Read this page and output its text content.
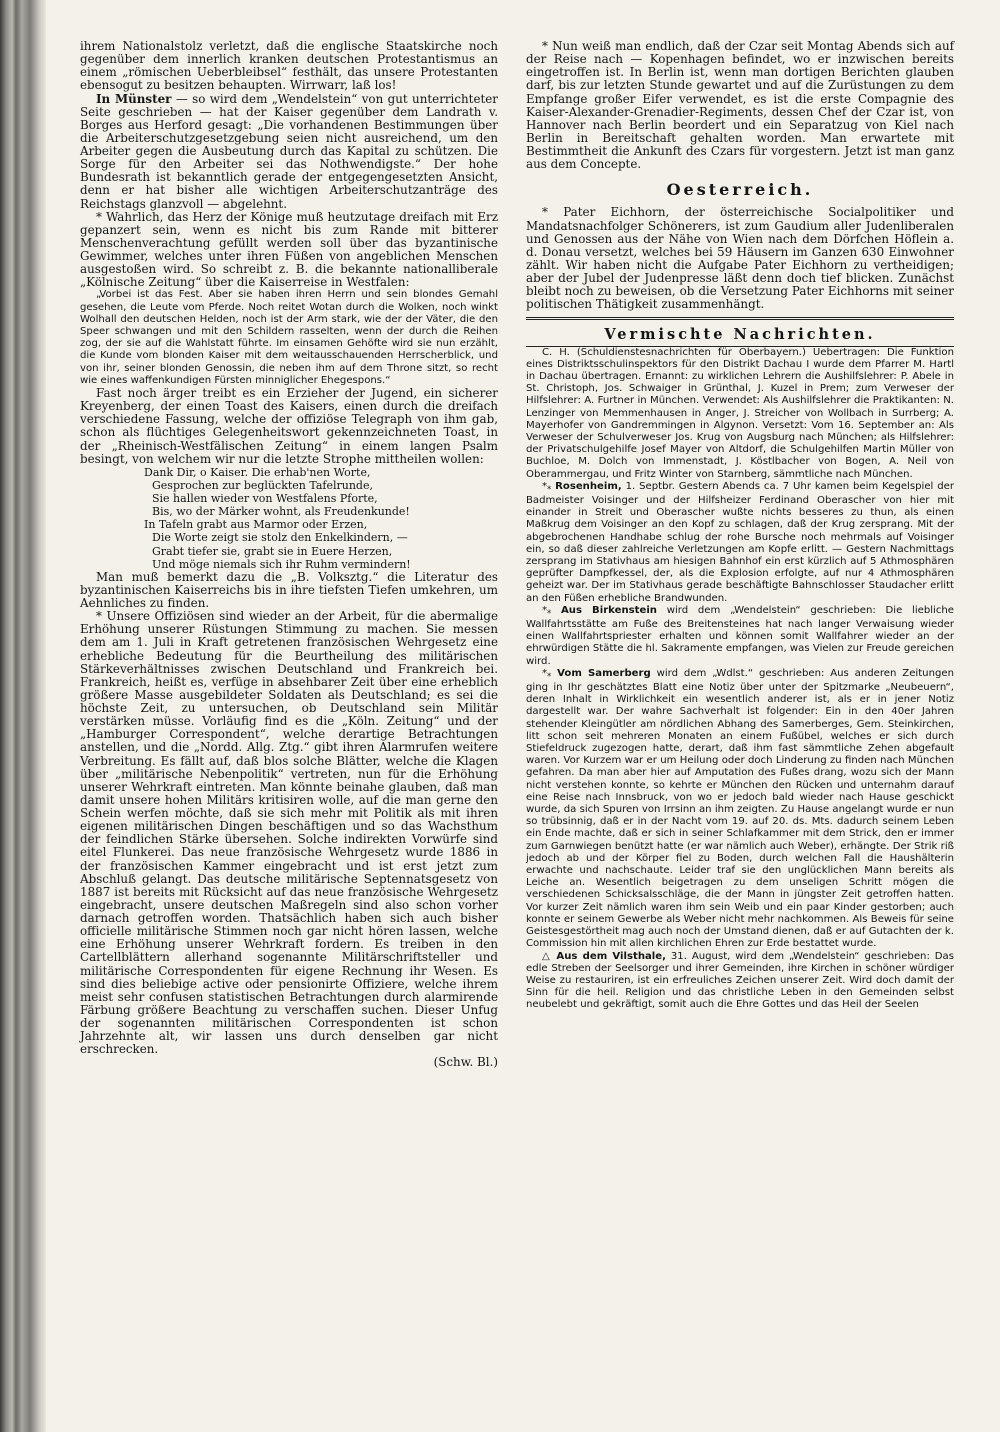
ihrem Nationalstolz verletzt, daß die englische Staatskirche noch gegenüber dem innerlich kranken deutschen Protestantismus an einem „römischen Ueberbleibsel“ festhält, das unsere Protestanten ebensogut zu besitzen behaupten. Wirrwarr, laß los!

In Münster — so wird dem „Wendelstein“ von gut unterrichteter Seite geschrieben — hat der Kaiser gegenüber dem Landrath v. Borges aus Herford gesagt: „Die vorhandenen Bestimmungen über die Arbeiterschutzgesetzgebung seien nicht ausreichend, um den Arbeiter gegen die Ausbeutung durch das Kapital zu schützen. Die Sorge für den Arbeiter sei das Nothwendigste.“ Der hohe Bundesrath ist bekanntlich gerade der entgegengesetzten Ansicht, denn er hat bisher alle wichtigen Arbeiterschutzanträge des Reichstags glanzvoll — abgelehnt.

* Wahrlich, das Herz der Könige muß heutzutage dreifach mit Erz gepanzert sein, wenn es nicht bis zum Rande mit bitterer Menschenverachtung gefüllt werden soll über das byzantinische Gewimmer, welches unter ihren Füßen von angeblichen Menschen ausgestoßen wird. So schreibt z. B. die bekannte nationalliberale „Kölnische Zeitung“ über die Kaiserreise in Westfalen:

„Vorbei ist das Fest. Aber sie haben ihren Herrn und sein blondes Gemahl gesehen, die Leute vom Pferde. Noch reitet Wotan durch die Wolken, noch winkt Wolhall den deutschen Helden, noch ist der Arm stark, wie der der Väter, die den Speer schwangen und mit den Schildern rasselten, wenn der durch die Reihen zog, der sie auf die Wahlstatt führte. Im einsamen Gehöfte wird sie nun erzählt, die Kunde vom blonden Kaiser mit dem weitausschauenden Herrscherblick, und von ihr, seiner blonden Genossin, die neben ihm auf dem Throne sitzt, so recht wie eines waffenkundigen Fürsten minniglicher Ehegespons.“

Fast noch ärger treibt es ein Erzieher der Jugend, ein sicherer Kreyenberg, der einen Toast des Kaisers, einen durch die dreifach verschiedene Fassung, welche der offiziöse Telegraph von ihm gab, schon als flüchtiges Gelegenheitswort gekennzeichneten Toast, in der „Rheinisch-Westfälischen Zeitung“ in einem langen Psalm besingt, von welchem wir nur die letzte Strophe mittheilen wollen:

Dank Dir, o Kaiser. Die erhab'nen Worte,
Gesprochen zur beglückten Tafelrunde,
Sie hallen wieder von Westfalens Pforte,
Bis, wo der Märker wohnt, als Freudenkunde!
In Tafeln grabt aus Marmor oder Erzen,
Die Worte zeigt sie stolz den Enkelkindern, —
Grabt tiefer sie, grabt sie in Euere Herzen,
Und möge niemals sich ihr Ruhm vermindern!

Man muß bemerkt dazu die „B. Volksztg.“ die Literatur des byzantinischen Kaiserreichs bis in ihre tiefsten Tiefen umkehren, um Aehnliches zu finden.

* Unsere Offiziösen sind wieder an der Arbeit, für die abermalige Erhöhung unserer Rüstungen Stimmung zu machen. Sie messen dem am 1. Juli in Kraft getretenen französischen Wehrgesetz eine erhebliche Bedeutung für die Beurtheilung des militärischen Stärkeverhältnisses zwischen Deutschland und Frankreich bei. Frankreich, heißt es, verfüge in absehbarer Zeit über eine erheblich größere Masse ausgebildeter Soldaten als Deutschland; es sei die höchste Zeit, zu untersuchen, ob Deutschland sein Militär verstärken müsse. Vorläufig find es die „Köln. Zeitung“ und der „Hamburger Correspondent“, welche derartige Betrachtungen anstellen, und die „Nordd. Allg. Ztg.“ gibt ihren Alarmrufen weitere Verbreitung. Es fällt auf, daß blos solche Blätter, welche die Klagen über „militärische Nebenpolitik“ vertreten, nun für die Erhöhung unserer Wehrkraft eintreten. Man könnte beinahe glauben, daß man damit unsere hohen Militärs kritisiren wolle, auf die man gerne den Schein werfen möchte, daß sie sich mehr mit Politik als mit ihren eigenen militärischen Dingen beschäftigen und so das Wachsthum der feindlichen Stärke übersehen. Solche indirekten Vorwürfe sind eitel Flunkerei. Das neue französische Wehrgesetz wurde 1886 in der französischen Kammer eingebracht und ist erst jetzt zum Abschluß gelangt. Das deutsche militärische Septennatsgesetz von 1887 ist bereits mit Rücksicht auf das neue französische Wehrgesetz eingebracht, unsere deutschen Maßregeln sind also schon vorher darnach getroffen worden. Thatsächlich haben sich auch bisher officielle militärische Stimmen noch gar nicht hören lassen, welche eine Erhöhung unserer Wehrkraft fordern. Es treiben in den Cartellblättern allerhand sogenannte Militärschriftsteller und militärische Correspondenten für eigene Rechnung ihr Wesen. Es sind dies beliebige active oder pensionirte Offiziere, welche ihrem meist sehr confusen statistischen Betrachtungen durch alarmirende Färbung größere Beachtung zu verschaffen suchen. Dieser Unfug der sogenannten militärischen Correspondenten ist schon Jahrzehnte alt, wir lassen uns durch denselben gar nicht erschrecken.

(Schw. Bl.)

* Nun weiß man endlich, daß der Czar seit Montag Abends sich auf der Reise nach — Kopenhagen befindet, wo er inzwischen bereits eingetroffen ist. In Berlin ist, wenn man dortigen Berichten glauben darf, bis zur letzten Stunde gewartet und auf die Zurüstungen zu dem Empfange großer Eifer verwendet, es ist die erste Compagnie des Kaiser-Alexander-Grenadier-Regiments, dessen Chef der Czar ist, von Hannover nach Berlin beordert und ein Separatzug von Kiel nach Berlin in Bereitschaft gehalten worden. Man erwartete mit Bestimmtheit die Ankunft des Czars für vorgestern. Jetzt ist man ganz aus dem Concepte.

Oesterreich.

* Pater Eichhorn, der österreichische Socialpolitiker und Mandatsnachfolger Schönerers, ist zum Gaudium aller Judenliberalen und Genossen aus der Nähe von Wien nach dem Dörfchen Höflein a. d. Donau versetzt, welches bei 59 Häusern im Ganzen 630 Einwohner zählt. Wir haben nicht die Aufgabe Pater Eichhorn zu vertheidigen; aber der Jubel der Judenpresse läßt denn doch tief blicken. Zunächst bleibt noch zu beweisen, ob die Versetzung Pater Eichhorns mit seiner politischen Thätigkeit zusammenhängt.

Vermischte Nachrichten.

C. H. (Schuldienstesnachrichten für Oberbayern.) Uebertragen: Die Funktion eines Distriktsschulinspektors für den Distrikt Dachau I wurde dem Pfarrer M. Hartl in Dachau übertragen. Ernannt: zu wirklichen Lehrern die Aushilfslehrer: P. Abele in St. Christoph, Jos. Schwaiger in Grünthal, J. Kuzel in Prem; zum Verweser der Hilfslehrer: A. Furtner in München. Verwendet: Als Aushilfslehrer die Praktikanten: N. Lenzinger von Memmenhausen in Anger, J. Streicher von Wollbach in Surrberg; A. Mayerhofer von Gandremmingen in Algynon. Versetzt: Vom 16. September an: Als Verweser der Schulverweser Jos. Krug von Augsburg nach München; als Hilfslehrer: der Privatschulgehilfe Josef Mayer von Altdorf, die Schulgehilfen Martin Müller von Buchloe, M. Dolch von Immenstadt, J. Köstlbacher von Bogen, A. Neil von Oberammergau, und Fritz Winter von Starnberg, sämmtliche nach München.

$*_*$ Rosenheim, 1. Septbr. Gestern Abends ca. 7 Uhr kamen beim Kegelspiel der Badmeister Voisinger und der Hilfsheizer Ferdinand Oberascher von hier mit einander in Streit und Oberascher wußte nichts besseres zu thun, als einen Maßkrug dem Voisinger an den Kopf zu schlagen, daß der Krug zersprang. Mit der abgebrochenen Handhabe schlug der rohe Bursche noch mehrmals auf Voisinger ein, so daß dieser zahlreiche Verletzungen am Kopfe erlitt. — Gestern Nachmittags zersprang im Stativhaus am hiesigen Bahnhof ein erst kürzlich auf 5 Athmosphären geprüfter Dampfkessel, der, als die Explosion erfolgte, auf nur 4 Athmosphären geheizt war. Der im Stativhaus gerade beschäftigte Bahnschlosser Staudacher erlitt an den Füßen erhebliche Brandwunden.

$*_*$ Aus Birkenstein wird dem „Wendelstein“ geschrieben: Die liebliche Wallfahrtsstätte am Fuße des Breitensteines hat nach langer Verwaisung wieder einen Wallfahrtspriester erhalten und können somit Wallfahrer wieder an der ehrwürdigen Stätte die hl. Sakramente empfangen, was Vielen zur Freude gereichen wird.

$*_*$ Vom Samerberg wird dem „Wdlst.“ geschrieben: Aus anderen Zeitungen ging in Ihr geschätztes Blatt eine Notiz über unter der Spitzmarke „Neubeuern“, deren Inhalt in Wirklichkeit ein wesentlich anderer ist, als er in jener Notiz dargestellt war. Der wahre Sachverhalt ist folgender: Ein in den 40er Jahren stehender Kleingütler am nördlichen Abhang des Samerberges, Gem. Steinkirchen, litt schon seit mehreren Monaten an einem Fußübel, welches er sich durch Stiefeldruck zugezogen hatte, derart, daß ihm fast sämmtliche Zehen abgefault waren. Vor Kurzem war er um Heilung oder doch Linderung zu finden nach München gefahren. Da man aber hier auf Amputation des Fußes drang, wozu sich der Mann nicht verstehen konnte, so kehrte er München den Rücken und unternahm darauf eine Reise nach Innsbruck, von wo er jedoch bald wieder nach Hause geschickt wurde, da sich Spuren von Irrsinn an ihm zeigten. Zu Hause angelangt wurde er nun so trübsinnig, daß er in der Nacht vom 19. auf 20. ds. Mts. dadurch seinem Leben ein Ende machte, daß er sich in seiner Schlafkammer mit dem Strick, den er immer zum Garnwiegen benützt hatte (er war nämlich auch Weber), erhängte. Der Strik riß jedoch ab und der Körper fiel zu Boden, durch welchen Fall die Haushälterin erwachte und nachschaute. Leider traf sie den unglücklichen Mann bereits als Leiche an. Wesentlich beigetragen zu dem unseligen Schritt mögen die verschiedenen Schicksalsschläge, die der Mann in jüngster Zeit getroffen hatten. Vor kurzer Zeit nämlich waren ihm sein Weib und ein paar Kinder gestorben; auch konnte er seinem Gewerbe als Weber nicht mehr nachkommen. Als Beweis für seine Geistesgestörtheit mag auch noch der Umstand dienen, daß er auf Gutachten der k. Commission hin mit allen kirchlichen Ehren zur Erde bestattet wurde.

△ Aus dem Vilsthale, 31. August, wird dem „Wendelstein“ geschrieben: Das edle Streben der Seelsorger und ihrer Gemeinden, ihre Kirchen in schöner würdiger Weise zu restauriren, ist ein erfreuliches Zeichen unserer Zeit. Wird doch damit der Sinn für die heil. Religion und das christliche Leben in den Gemeinden selbst neubelebt und gekräftigt, somit auch die Ehre Gottes und das Heil der Seelen
